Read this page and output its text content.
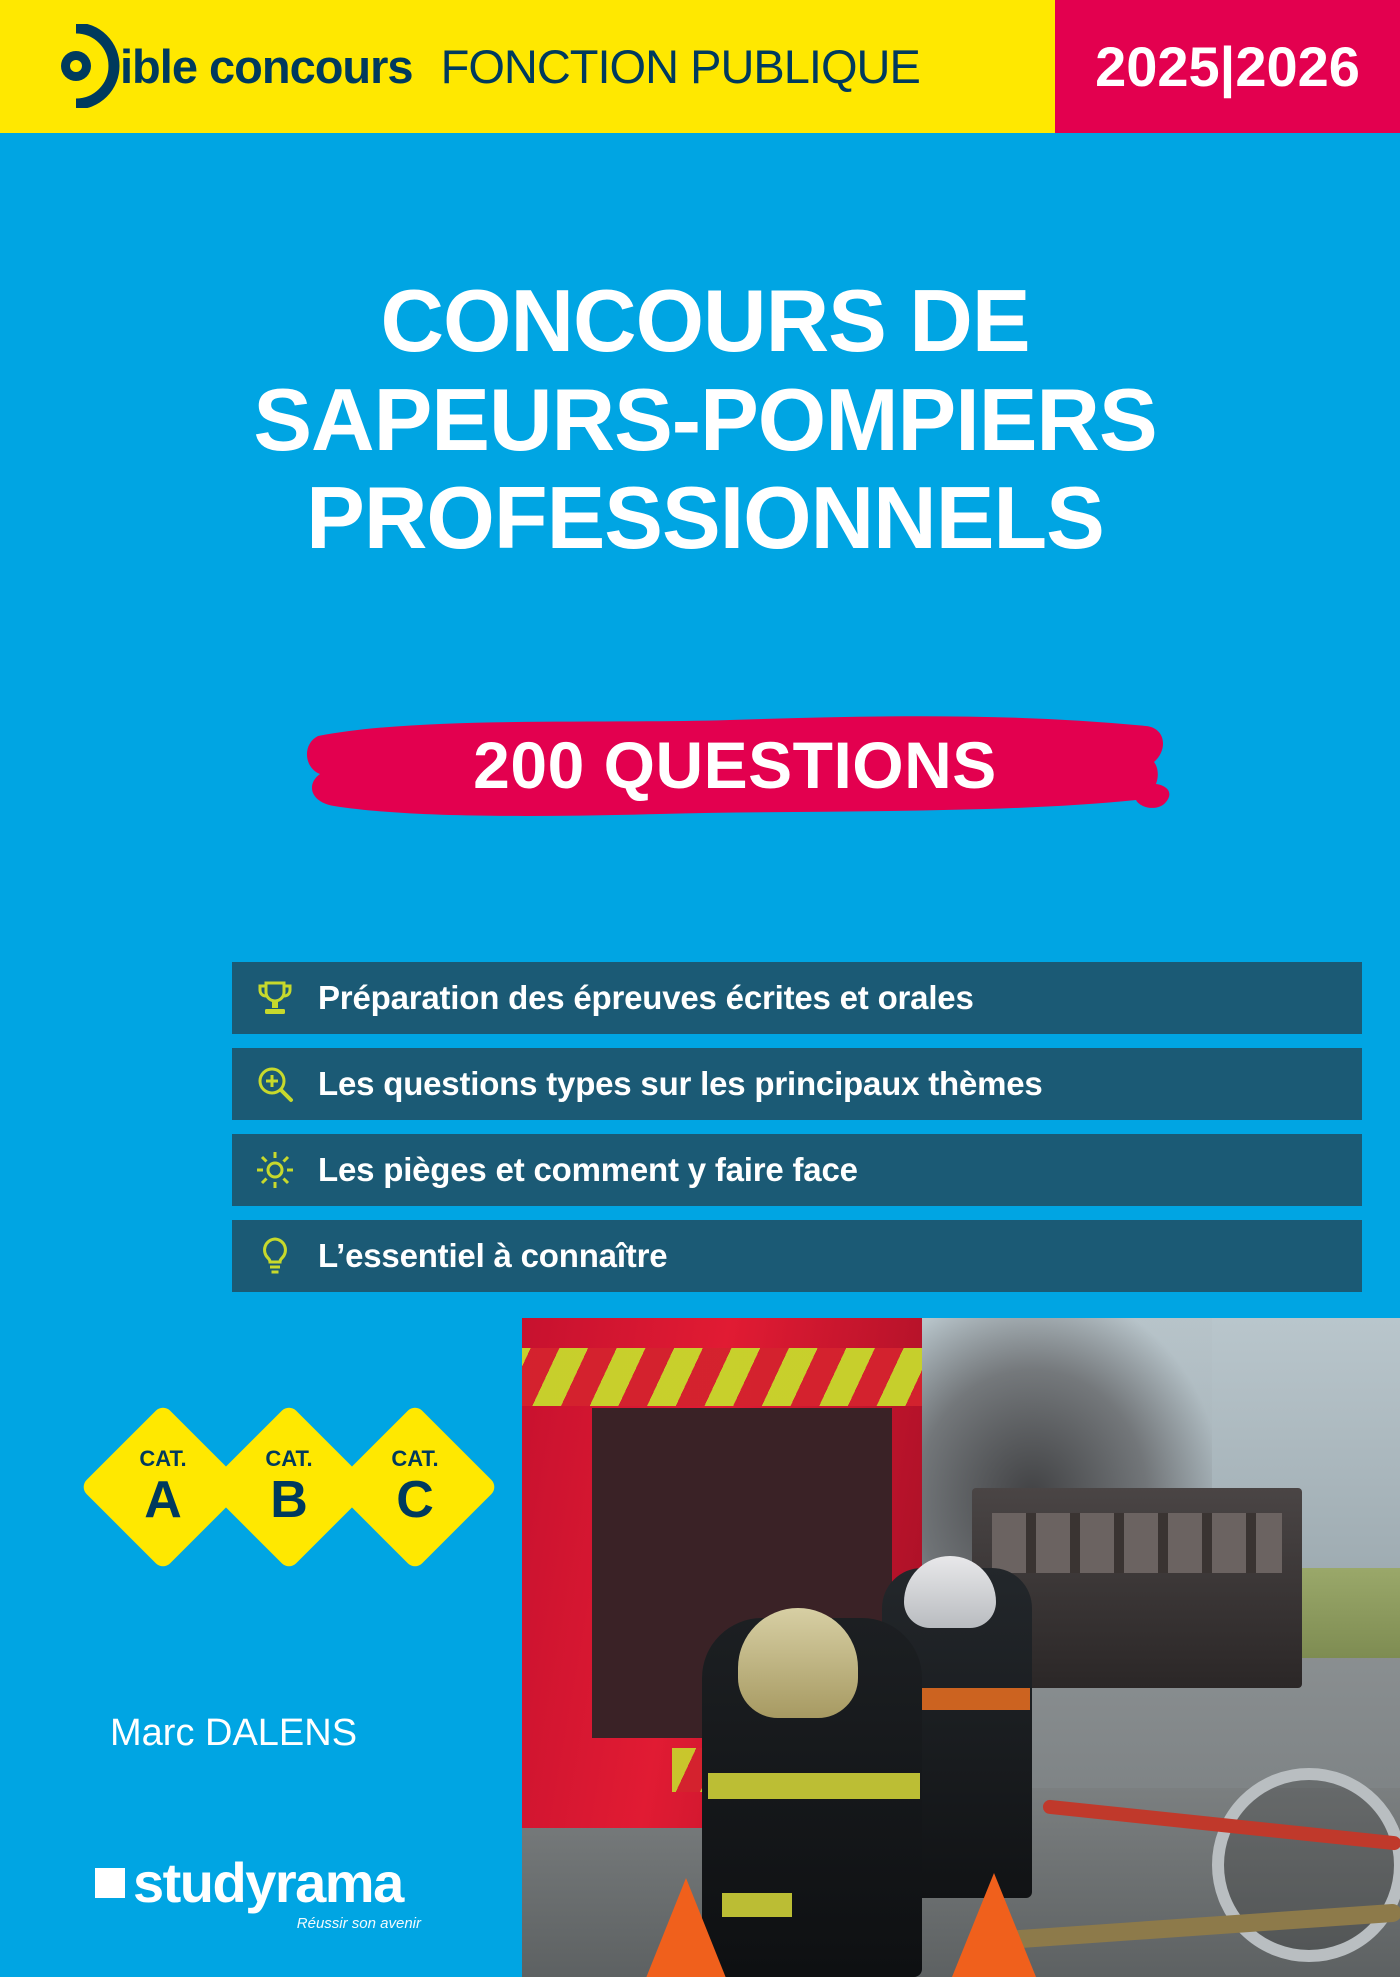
ible concours FONCTION PUBLIQUE	2025|2026
CONCOURS DE
SAPEURS-POMPIERS
PROFESSIONNELS
200 QUESTIONS
Préparation des épreuves écrites et orales
Les questions types sur les principaux thèmes
Les pièges et comment y faire face
L’essentiel à connaître
CAT.
A
CAT.
B
CAT.
C
Marc DALENS
studyrama
Réussir son avenir
